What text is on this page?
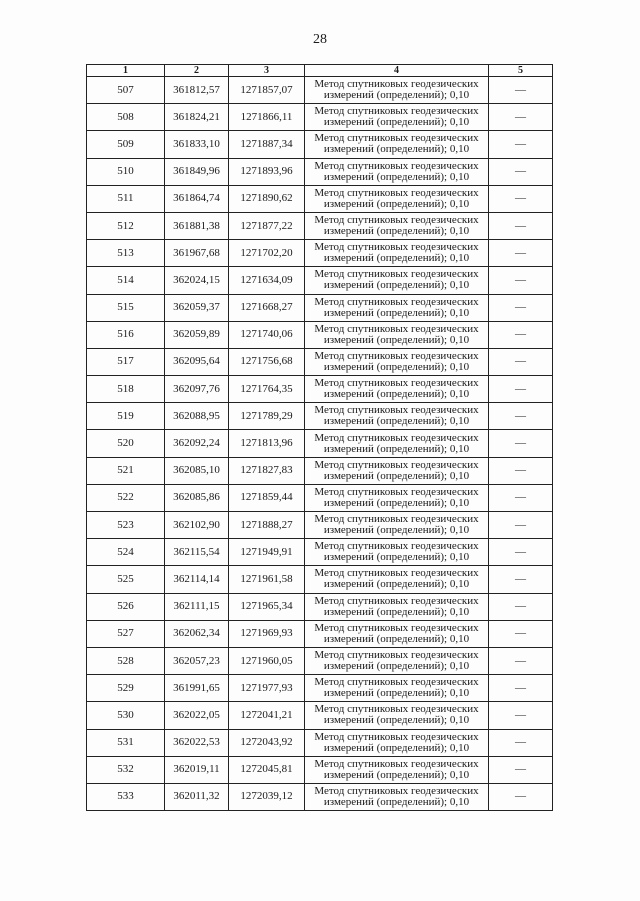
28
1	2	3	4	5
507	361812,57	1271857,07	Метод спутниковых геодезических
измерений (определений); 0,10	—
508	361824,21	1271866,11	Метод спутниковых геодезических
измерений (определений); 0,10	—
509	361833,10	1271887,34	Метод спутниковых геодезических
измерений (определений); 0,10	—
510	361849,96	1271893,96	Метод спутниковых геодезических
измерений (определений); 0,10	—
511	361864,74	1271890,62	Метод спутниковых геодезических
измерений (определений); 0,10	—
512	361881,38	1271877,22	Метод спутниковых геодезических
измерений (определений); 0,10	—
513	361967,68	1271702,20	Метод спутниковых геодезических
измерений (определений); 0,10	—
514	362024,15	1271634,09	Метод спутниковых геодезических
измерений (определений); 0,10	—
515	362059,37	1271668,27	Метод спутниковых геодезических
измерений (определений); 0,10	—
516	362059,89	1271740,06	Метод спутниковых геодезических
измерений (определений); 0,10	—
517	362095,64	1271756,68	Метод спутниковых геодезических
измерений (определений); 0,10	—
518	362097,76	1271764,35	Метод спутниковых геодезических
измерений (определений); 0,10	—
519	362088,95	1271789,29	Метод спутниковых геодезических
измерений (определений); 0,10	—
520	362092,24	1271813,96	Метод спутниковых геодезических
измерений (определений); 0,10	—
521	362085,10	1271827,83	Метод спутниковых геодезических
измерений (определений); 0,10	—
522	362085,86	1271859,44	Метод спутниковых геодезических
измерений (определений); 0,10	—
523	362102,90	1271888,27	Метод спутниковых геодезических
измерений (определений); 0,10	—
524	362115,54	1271949,91	Метод спутниковых геодезических
измерений (определений); 0,10	—
525	362114,14	1271961,58	Метод спутниковых геодезических
измерений (определений); 0,10	—
526	362111,15	1271965,34	Метод спутниковых геодезических
измерений (определений); 0,10	—
527	362062,34	1271969,93	Метод спутниковых геодезических
измерений (определений); 0,10	—
528	362057,23	1271960,05	Метод спутниковых геодезических
измерений (определений); 0,10	—
529	361991,65	1271977,93	Метод спутниковых геодезических
измерений (определений); 0,10	—
530	362022,05	1272041,21	Метод спутниковых геодезических
измерений (определений); 0,10	—
531	362022,53	1272043,92	Метод спутниковых геодезических
измерений (определений); 0,10	—
532	362019,11	1272045,81	Метод спутниковых геодезических
измерений (определений); 0,10	—
533	362011,32	1272039,12	Метод спутниковых геодезических
измерений (определений); 0,10	—
